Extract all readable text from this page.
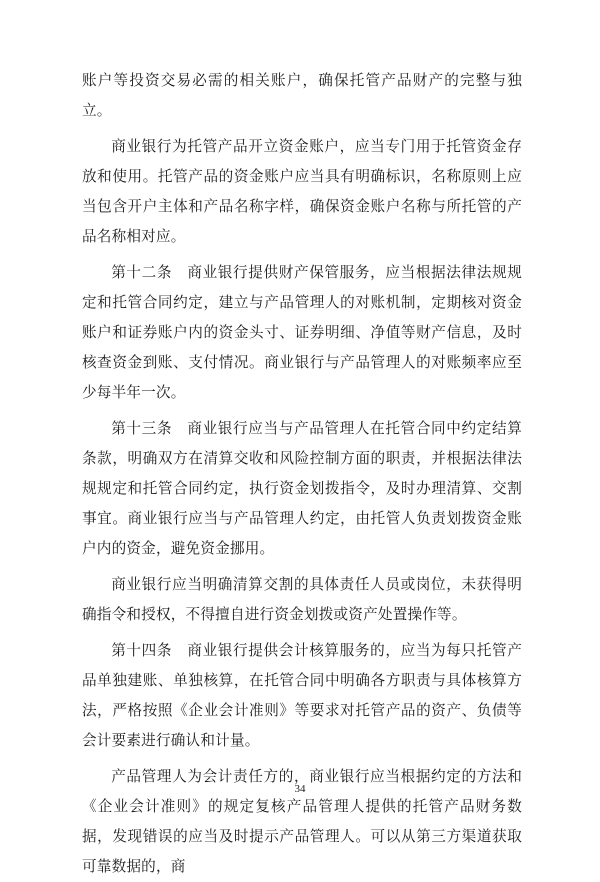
账户等投资交易必需的相关账户，确保托管产品财产的完整与独立。

商业银行为托管产品开立资金账户，应当专门用于托管资金存放和使用。托管产品的资金账户应当具有明确标识，名称原则上应当包含开户主体和产品名称字样，确保资金账户名称与所托管的产品名称相对应。

第十二条　商业银行提供财产保管服务，应当根据法律法规规定和托管合同约定，建立与产品管理人的对账机制，定期核对资金账户和证券账户内的资金头寸、证券明细、净值等财产信息，及时核查资金到账、支付情况。商业银行与产品管理人的对账频率应至少每半年一次。

第十三条　商业银行应当与产品管理人在托管合同中约定结算条款，明确双方在清算交收和风险控制方面的职责，并根据法律法规规定和托管合同约定，执行资金划拨指令，及时办理清算、交割事宜。商业银行应当与产品管理人约定，由托管人负责划拨资金账户内的资金，避免资金挪用。

商业银行应当明确清算交割的具体责任人员或岗位，未获得明确指令和授权，不得擅自进行资金划拨或资产处置操作等。

第十四条　商业银行提供会计核算服务的，应当为每只托管产品单独建账、单独核算，在托管合同中明确各方职责与具体核算方法，严格按照《企业会计准则》等要求对托管产品的资产、负债等会计要素进行确认和计量。

产品管理人为会计责任方的，商业银行应当根据约定的方法和《企业会计准则》的规定复核产品管理人提供的托管产品财务数据，发现错误的应当及时提示产品管理人。可以从第三方渠道获取可靠数据的，商

34
